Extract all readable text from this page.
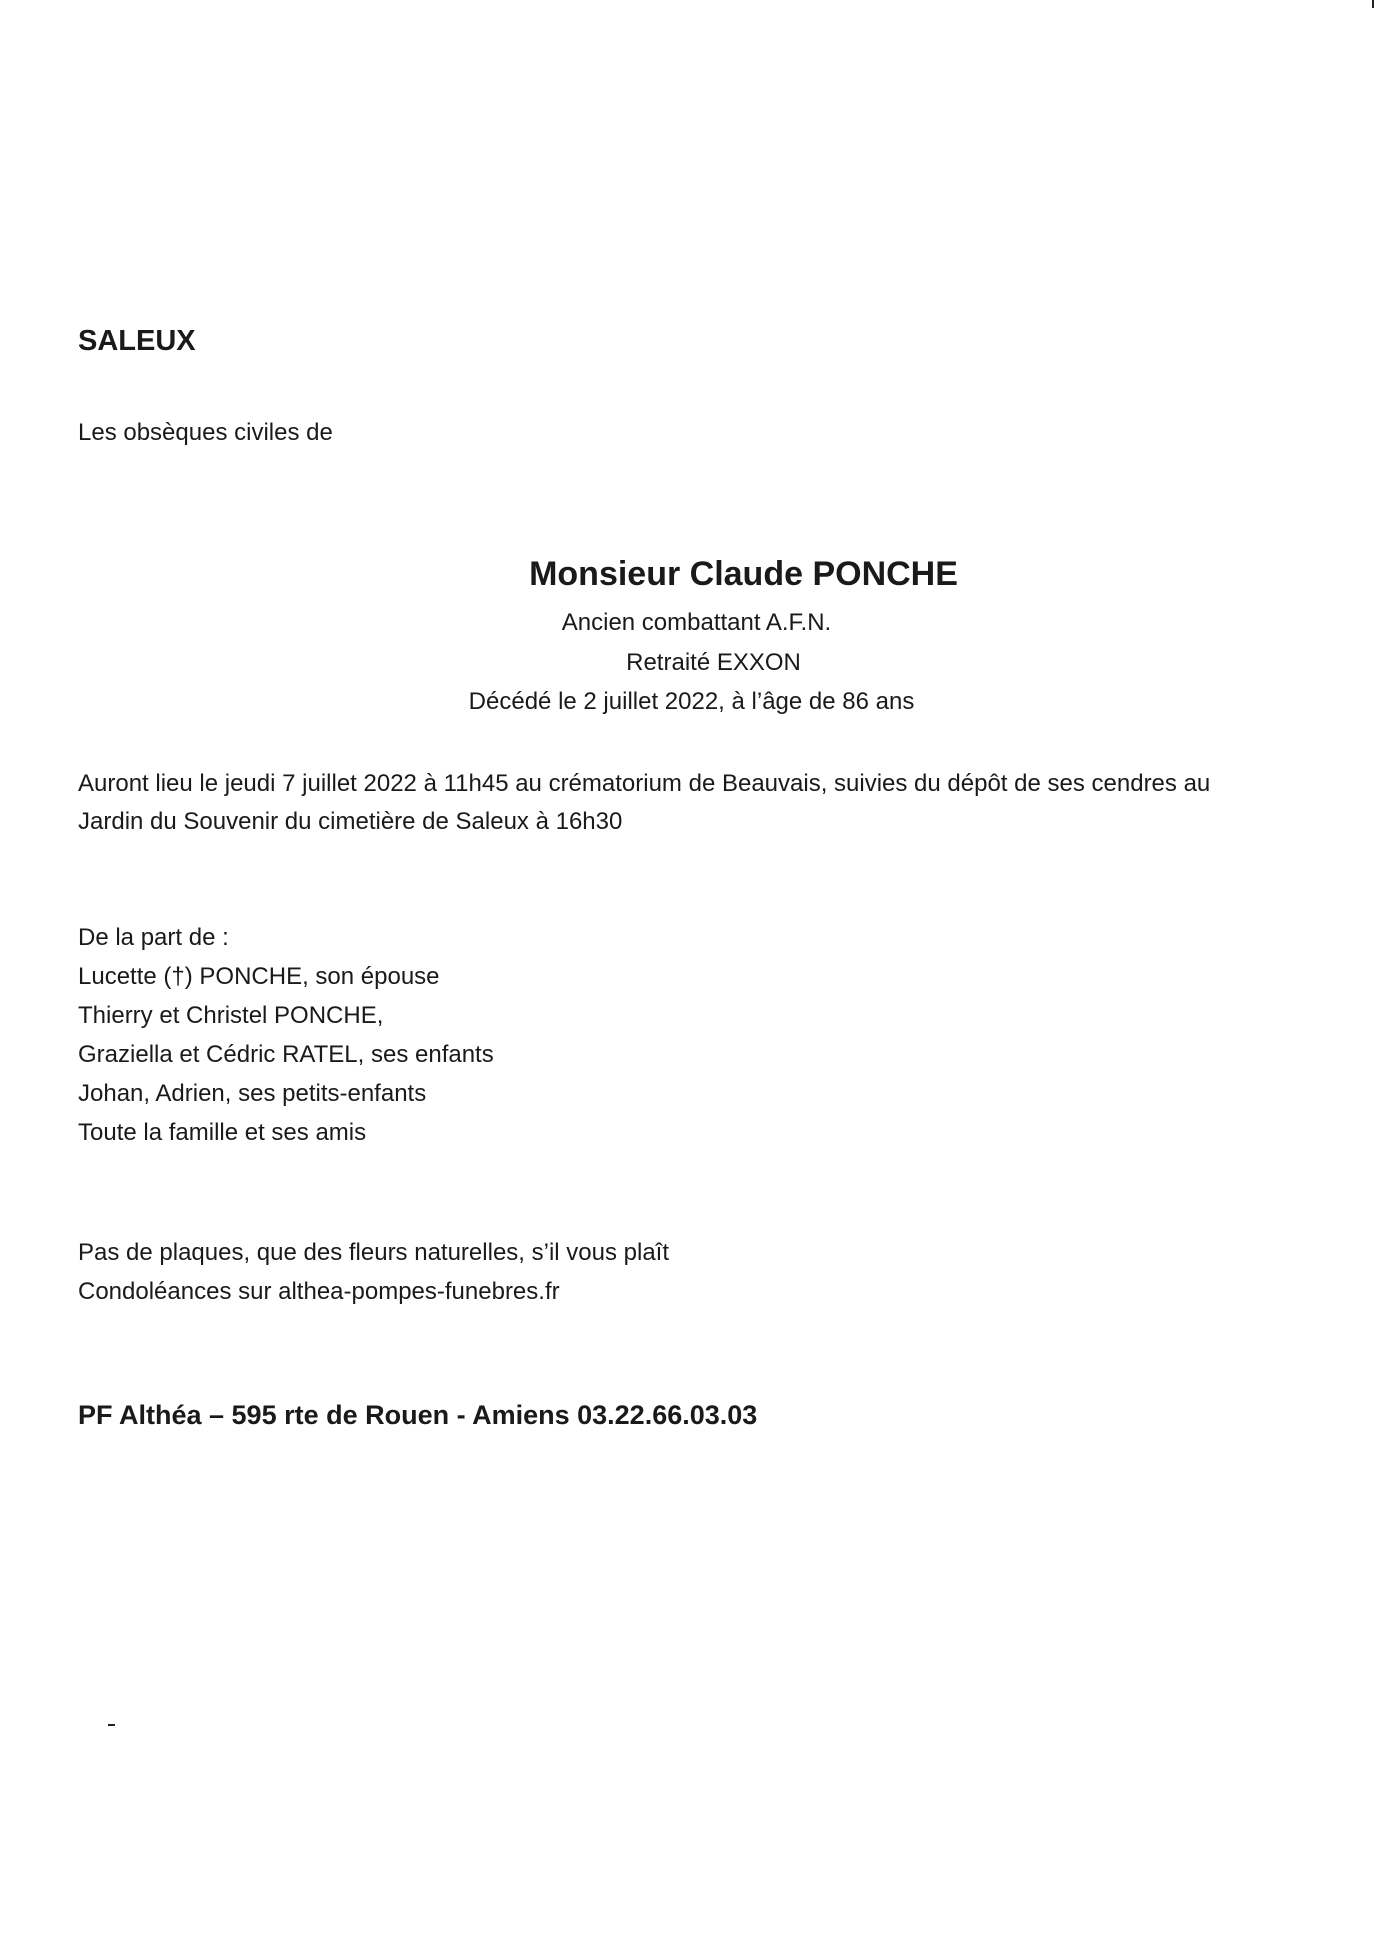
SALEUX
Les obsèques civiles de
Monsieur Claude PONCHE
Ancien combattant A.F.N.
Retraité EXXON
Décédé le 2 juillet 2022, à l’âge de 86 ans
Auront lieu le jeudi 7 juillet 2022 à 11h45 au crématorium de Beauvais, suivies du dépôt de ses cendres au
Jardin du Souvenir du cimetière de Saleux à 16h30
De la part de :
Lucette (†) PONCHE, son épouse
Thierry et Christel PONCHE,
Graziella et Cédric RATEL, ses enfants
Johan, Adrien, ses petits-enfants
Toute la famille et ses amis
Pas de plaques, que des fleurs naturelles, s’il vous plaît
Condoléances sur althea-pompes-funebres.fr
PF Althéa – 595 rte de Rouen - Amiens 03.22.66.03.03
